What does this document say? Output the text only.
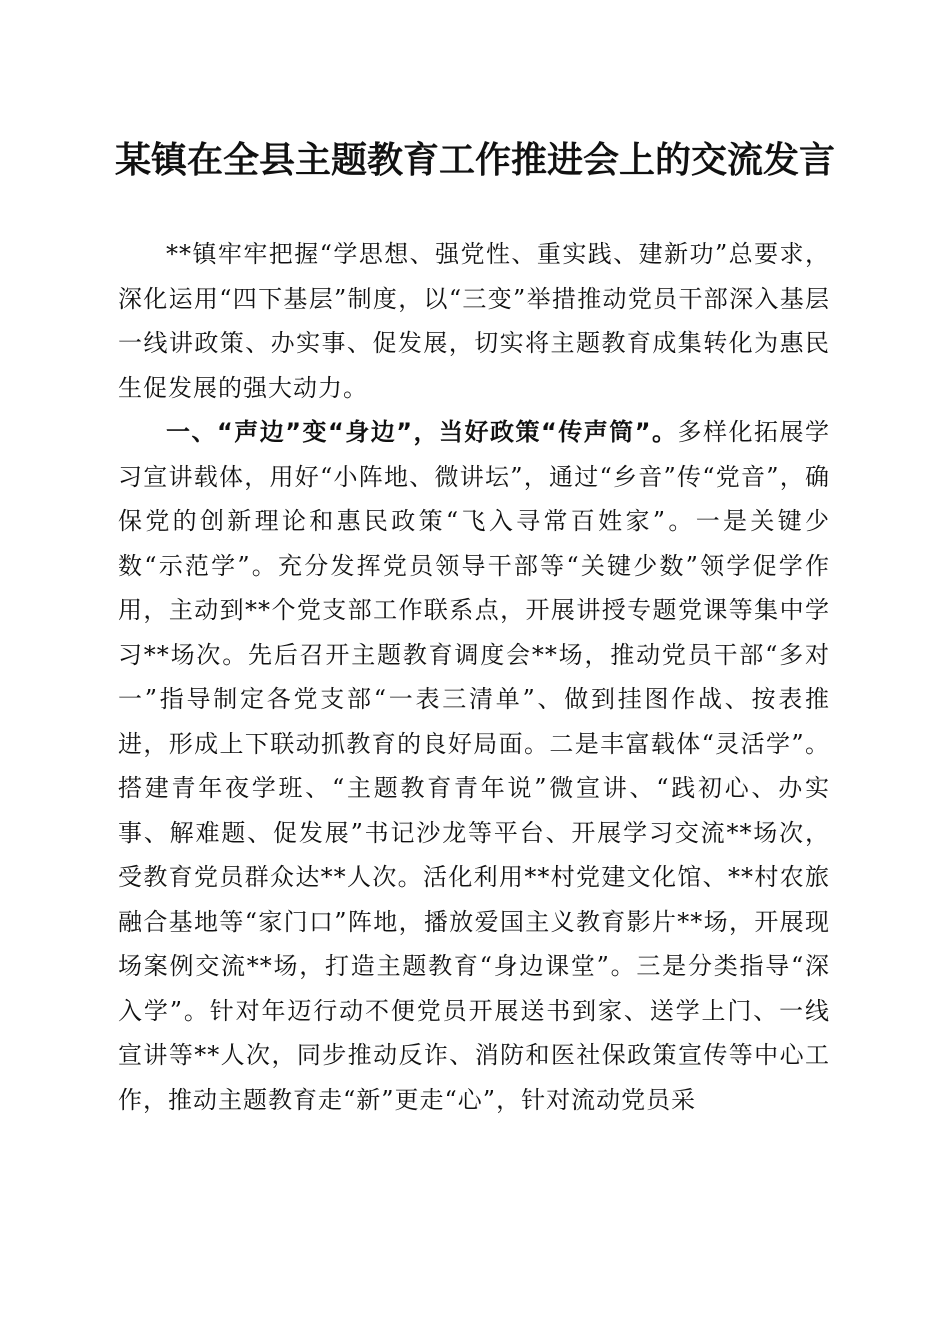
某镇在全县主题教育工作推进会上的交流发言

**镇牢牢把握“学思想、强党性、重实践、建新功”总要求，深化运用“四下基层”制度，以“三变”举措推动党员干部深入基层一线讲政策、办实事、促发展，切实将主题教育成集转化为惠民生促发展的强大动力。

一、“声边”变“身边”，当好政策“传声筒”。多样化拓展学习宣讲载体，用好“小阵地、微讲坛”，通过“乡音”传“党音”，确保党的创新理论和惠民政策“飞入寻常百姓家”。一是关键少数“示范学”。充分发挥党员领导干部等“关键少数”领学促学作用，主动到**个党支部工作联系点，开展讲授专题党课等集中学习**场次。先后召开主题教育调度会**场，推动党员干部“多对一”指导制定各党支部“一表三清单”、做到挂图作战、按表推进，形成上下联动抓教育的良好局面。二是丰富载体“灵活学”。搭建青年夜学班、“主题教育青年说”微宣讲、“践初心、办实事、解难题、促发展”书记沙龙等平台、开展学习交流**场次，受教育党员群众达**人次。活化利用**村党建文化馆、**村农旅融合基地等“家门口”阵地，播放爱国主义教育影片**场，开展现场案例交流**场，打造主题教育“身边课堂”。三是分类指导“深入学”。针对年迈行动不便党员开展送书到家、送学上门、一线宣讲等**人次，同步推动反诈、消防和医社保政策宣传等中心工作，推动主题教育走“新”更走“心”，针对流动党员采
